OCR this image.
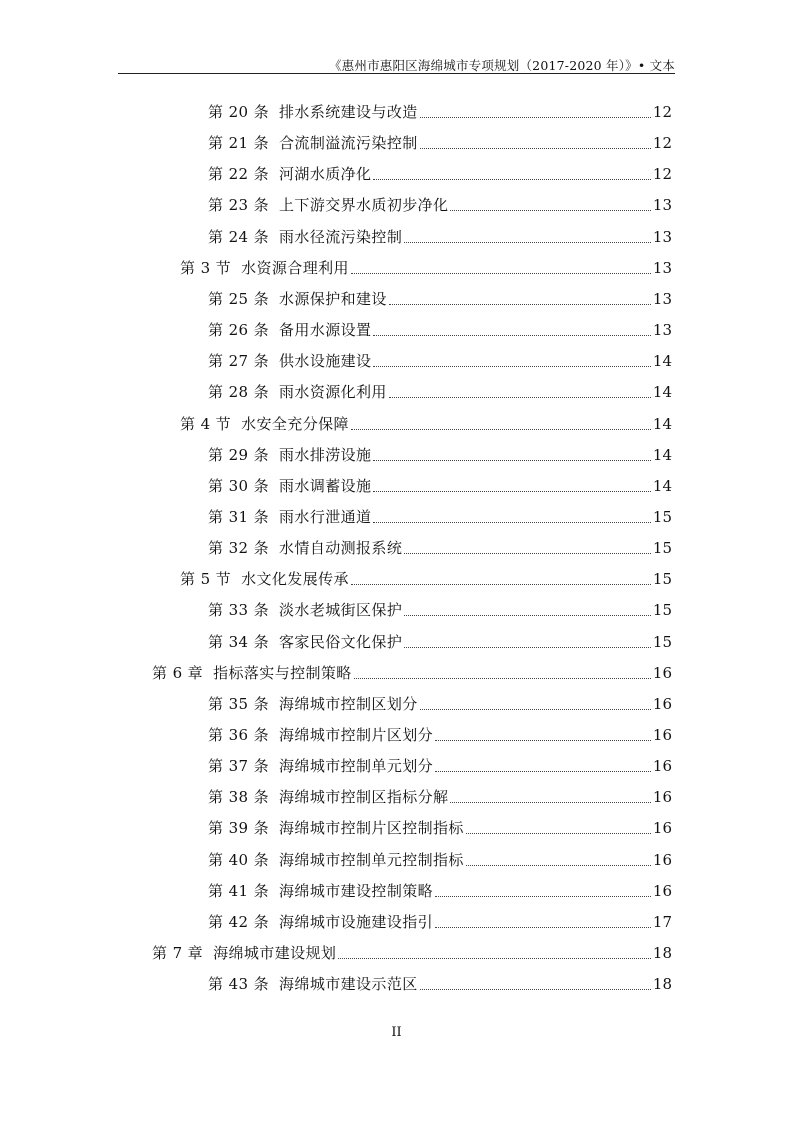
《惠州市惠阳区海绵城市专项规划（2017-2020 年）》• 文本
第 20 条 排水系统建设与改造	12
第 21 条 合流制溢流污染控制	12
第 22 条 河湖水质净化	12
第 23 条 上下游交界水质初步净化	13
第 24 条 雨水径流污染控制	13
第 3 节 水资源合理利用	13
第 25 条 水源保护和建设	13
第 26 条 备用水源设置	13
第 27 条 供水设施建设	14
第 28 条 雨水资源化利用	14
第 4 节 水安全充分保障	14
第 29 条 雨水排涝设施	14
第 30 条 雨水调蓄设施	14
第 31 条 雨水行泄通道	15
第 32 条 水情自动测报系统	15
第 5 节 水文化发展传承	15
第 33 条 淡水老城街区保护	15
第 34 条 客家民俗文化保护	15
第 6 章 指标落实与控制策略	16
第 35 条 海绵城市控制区划分	16
第 36 条 海绵城市控制片区划分	16
第 37 条 海绵城市控制单元划分	16
第 38 条 海绵城市控制区指标分解	16
第 39 条 海绵城市控制片区控制指标	16
第 40 条 海绵城市控制单元控制指标	16
第 41 条 海绵城市建设控制策略	16
第 42 条 海绵城市设施建设指引	17
第 7 章 海绵城市建设规划	18
第 43 条 海绵城市建设示范区	18
II
